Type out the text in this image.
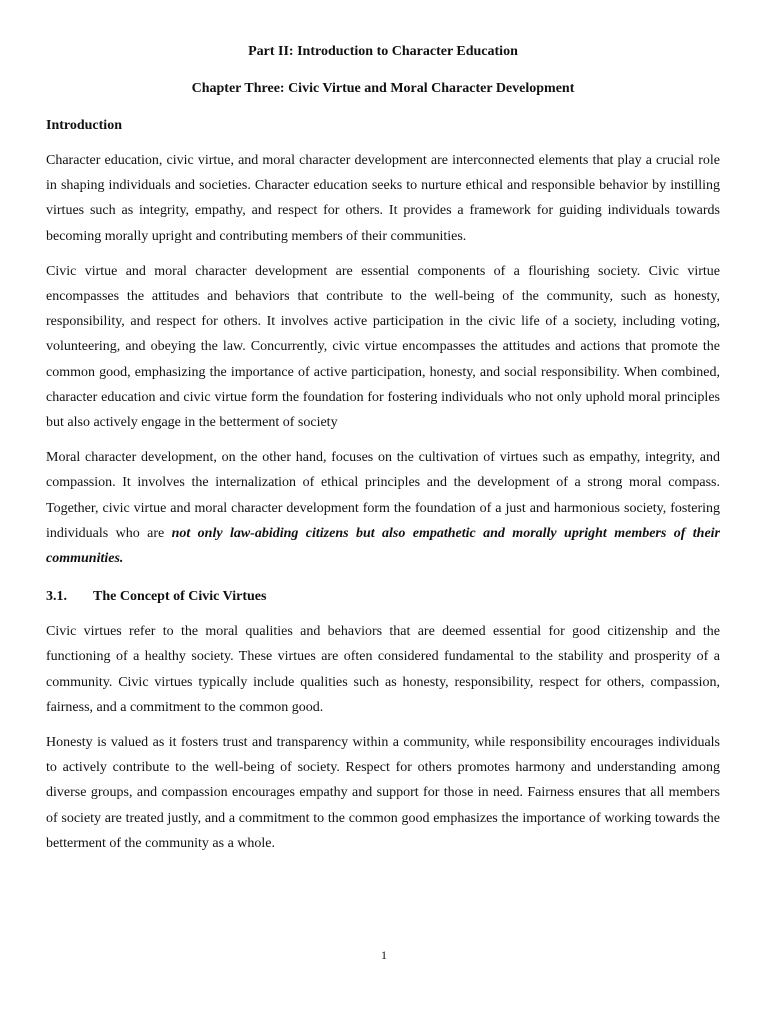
Part II: Introduction to Character Education
Chapter Three: Civic Virtue and Moral Character Development
Introduction

Character education, civic virtue, and moral character development are interconnected elements that play a crucial role in shaping individuals and societies. Character education seeks to nurture ethical and responsible behavior by instilling virtues such as integrity, empathy, and respect for others. It provides a framework for guiding individuals towards becoming morally upright and contributing members of their communities.

Civic virtue and moral character development are essential components of a flourishing society. Civic virtue encompasses the attitudes and behaviors that contribute to the well-being of the community, such as honesty, responsibility, and respect for others. It involves active participation in the civic life of a society, including voting, volunteering, and obeying the law. Concurrently, civic virtue encompasses the attitudes and actions that promote the common good, emphasizing the importance of active participation, honesty, and social responsibility. When combined, character education and civic virtue form the foundation for fostering individuals who not only uphold moral principles but also actively engage in the betterment of society

Moral character development, on the other hand, focuses on the cultivation of virtues such as empathy, integrity, and compassion. It involves the internalization of ethical principles and the development of a strong moral compass. Together, civic virtue and moral character development form the foundation of a just and harmonious society, fostering individuals who are not only law-abiding citizens but also empathetic and morally upright members of their communities.

3.1. The Concept of Civic Virtues

Civic virtues refer to the moral qualities and behaviors that are deemed essential for good citizenship and the functioning of a healthy society. These virtues are often considered fundamental to the stability and prosperity of a community. Civic virtues typically include qualities such as honesty, responsibility, respect for others, compassion, fairness, and a commitment to the common good.

Honesty is valued as it fosters trust and transparency within a community, while responsibility encourages individuals to actively contribute to the well-being of society. Respect for others promotes harmony and understanding among diverse groups, and compassion encourages empathy and support for those in need. Fairness ensures that all members of society are treated justly, and a commitment to the common good emphasizes the importance of working towards the betterment of the community as a whole.

1
